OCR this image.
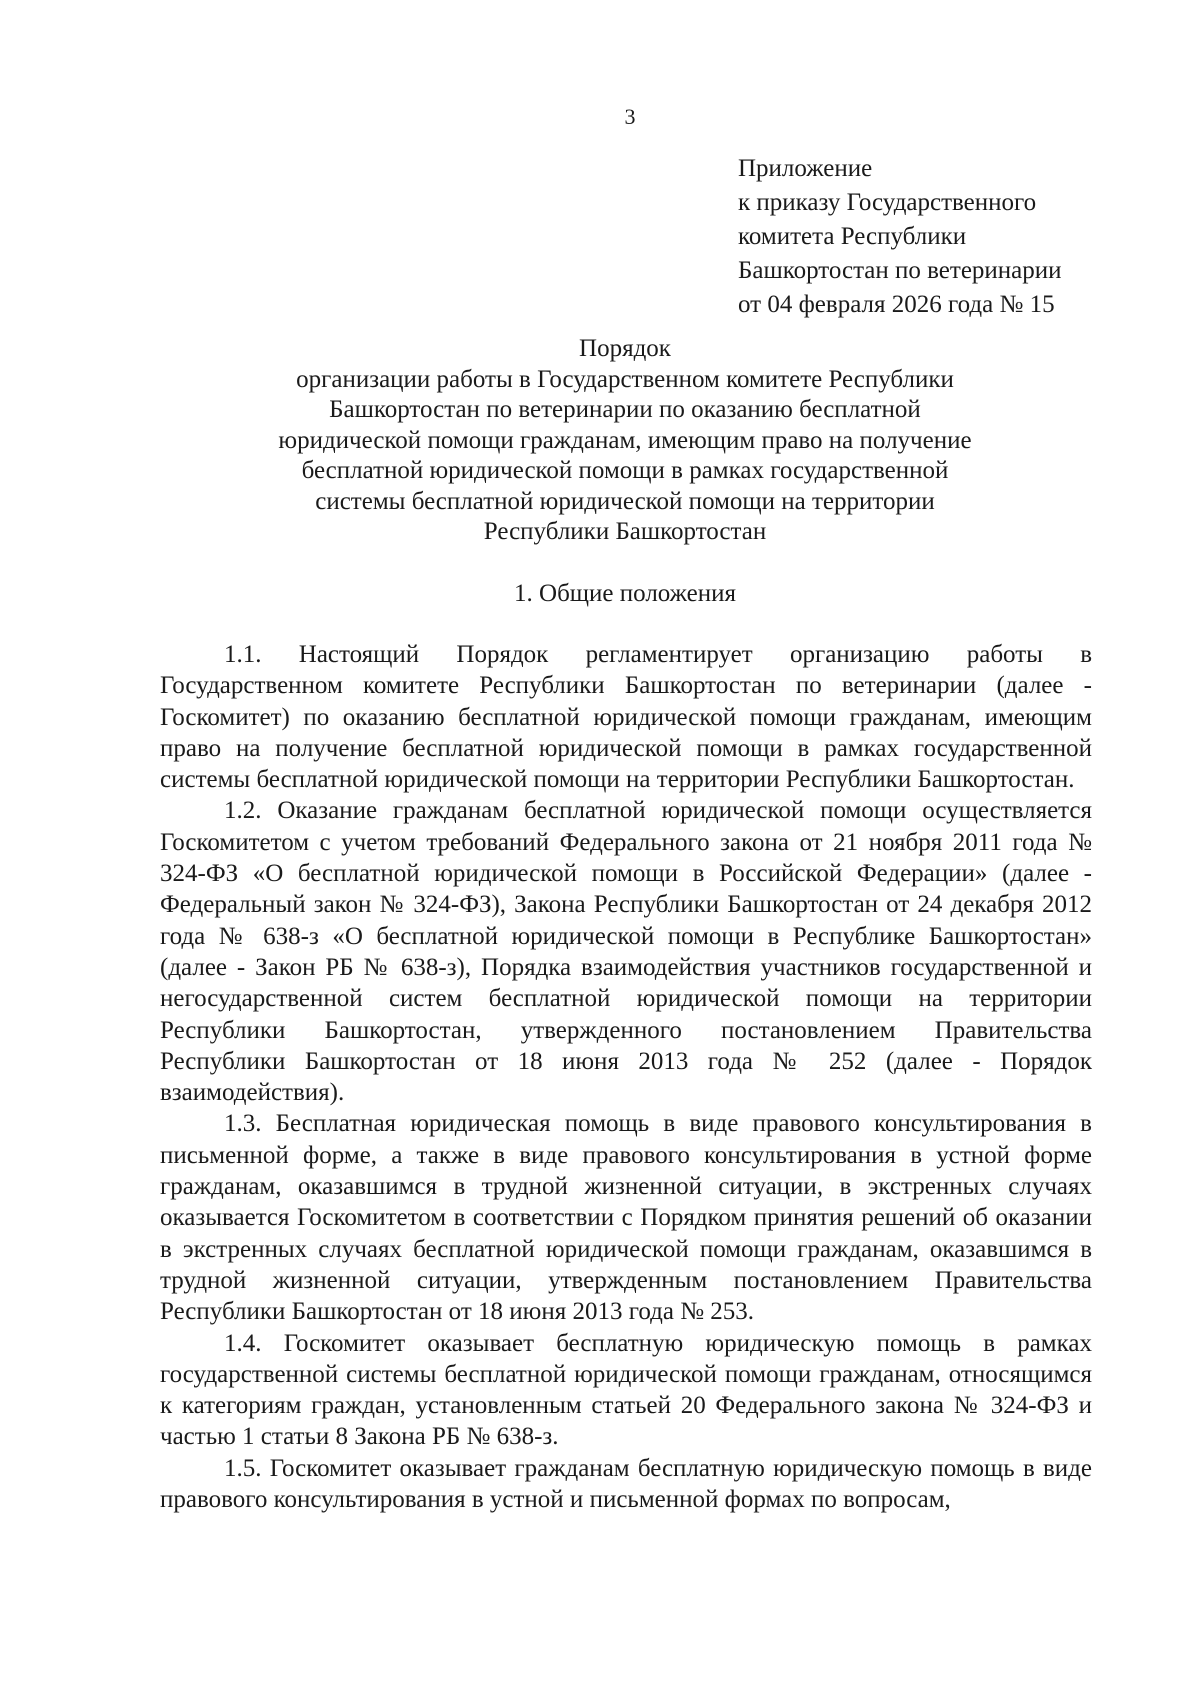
3
Приложение
к приказу Государственного
комитета Республики
Башкортостан по ветеринарии
от 04 февраля 2026 года № 15
Порядок
организации работы в Государственном комитете Республики
Башкортостан по ветеринарии по оказанию бесплатной
юридической помощи гражданам, имеющим право на получение
бесплатной юридической помощи в рамках государственной
системы бесплатной юридической помощи на территории
Республики Башкортостан
1. Общие положения

1.1. Настоящий Порядок регламентирует организацию работы в Государственном комитете Республики Башкортостан по ветеринарии (далее - Госкомитет) по оказанию бесплатной юридической помощи гражданам, имеющим право на получение бесплатной юридической помощи в рамках государственной системы бесплатной юридической помощи на территории Республики Башкортостан.

1.2. Оказание гражданам бесплатной юридической помощи осуществляется Госкомитетом с учетом требований Федерального закона от 21 ноября 2011 года № 324-ФЗ «О бесплатной юридической помощи в Российской Федерации» (далее - Федеральный закон № 324-ФЗ), Закона Республики Башкортостан от 24 декабря 2012 года № 638-з «О бесплатной юридической помощи в Республике Башкортостан» (далее - Закон РБ № 638-з), Порядка взаимодействия участников государственной и негосударственной систем бесплатной юридической помощи на территории Республики Башкортостан, утвержденного постановлением Правительства Республики Башкортостан от 18 июня 2013 года № 252 (далее - Порядок взаимодействия).

1.3. Бесплатная юридическая помощь в виде правового консультирования в письменной форме, а также в виде правового консультирования в устной форме гражданам, оказавшимся в трудной жизненной ситуации, в экстренных случаях оказывается Госкомитетом в соответствии с Порядком принятия решений об оказании в экстренных случаях бесплатной юридической помощи гражданам, оказавшимся в трудной жизненной ситуации, утвержденным постановлением Правительства Республики Башкортостан от 18 июня 2013 года № 253.

1.4. Госкомитет оказывает бесплатную юридическую помощь в рамках государственной системы бесплатной юридической помощи гражданам, относящимся к категориям граждан, установленным статьей 20 Федерального закона № 324-ФЗ и частью 1 статьи 8 Закона РБ № 638-з.

1.5. Госкомитет оказывает гражданам бесплатную юридическую помощь в виде правового консультирования в устной и письменной формах по вопросам,
